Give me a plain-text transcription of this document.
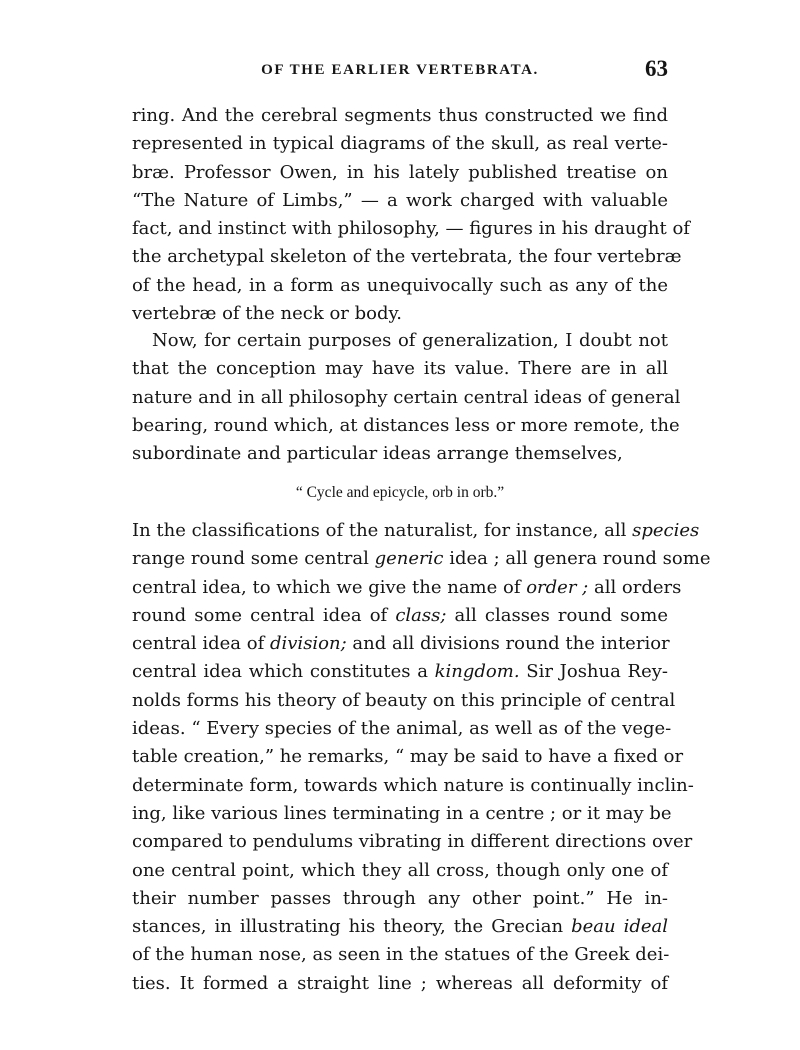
OF THE EARLIER VERTEBRATA.	63
ring. And the cerebral segments thus constructed we find
represented in typical diagrams of the skull, as real verte-
bræ. Professor Owen, in his lately published treatise on
“The Nature of Limbs,” — a work charged with valuable
fact, and instinct with philosophy, — figures in his draught of
the archetypal skeleton of the vertebrata, the four vertebræ
of the head, in a form as unequivocally such as any of the
vertebræ of the neck or body.
Now, for certain purposes of generalization, I doubt not
that the conception may have its value. There are in all
nature and in all philosophy certain central ideas of general
bearing, round which, at distances less or more remote, the
subordinate and particular ideas arrange themselves,
“ Cycle and epicycle, orb in orb.”
In the classifications of the naturalist, for instance, all species
range round some central generic idea ; all genera round some
central idea, to which we give the name of order ; all orders
round some central idea of class; all classes round some
central idea of division; and all divisions round the interior
central idea which constitutes a kingdom. Sir Joshua Rey-
nolds forms his theory of beauty on this principle of central
ideas. “ Every species of the animal, as well as of the vege-
table creation,” he remarks, “ may be said to have a fixed or
determinate form, towards which nature is continually inclin-
ing, like various lines terminating in a centre ; or it may be
compared to pendulums vibrating in different directions over
one central point, which they all cross, though only one of
their number passes through any other point.” He in-
stances, in illustrating his theory, the Grecian beau ideal
of the human nose, as seen in the statues of the Greek dei-
ties. It formed a straight line ; whereas all deformity of
